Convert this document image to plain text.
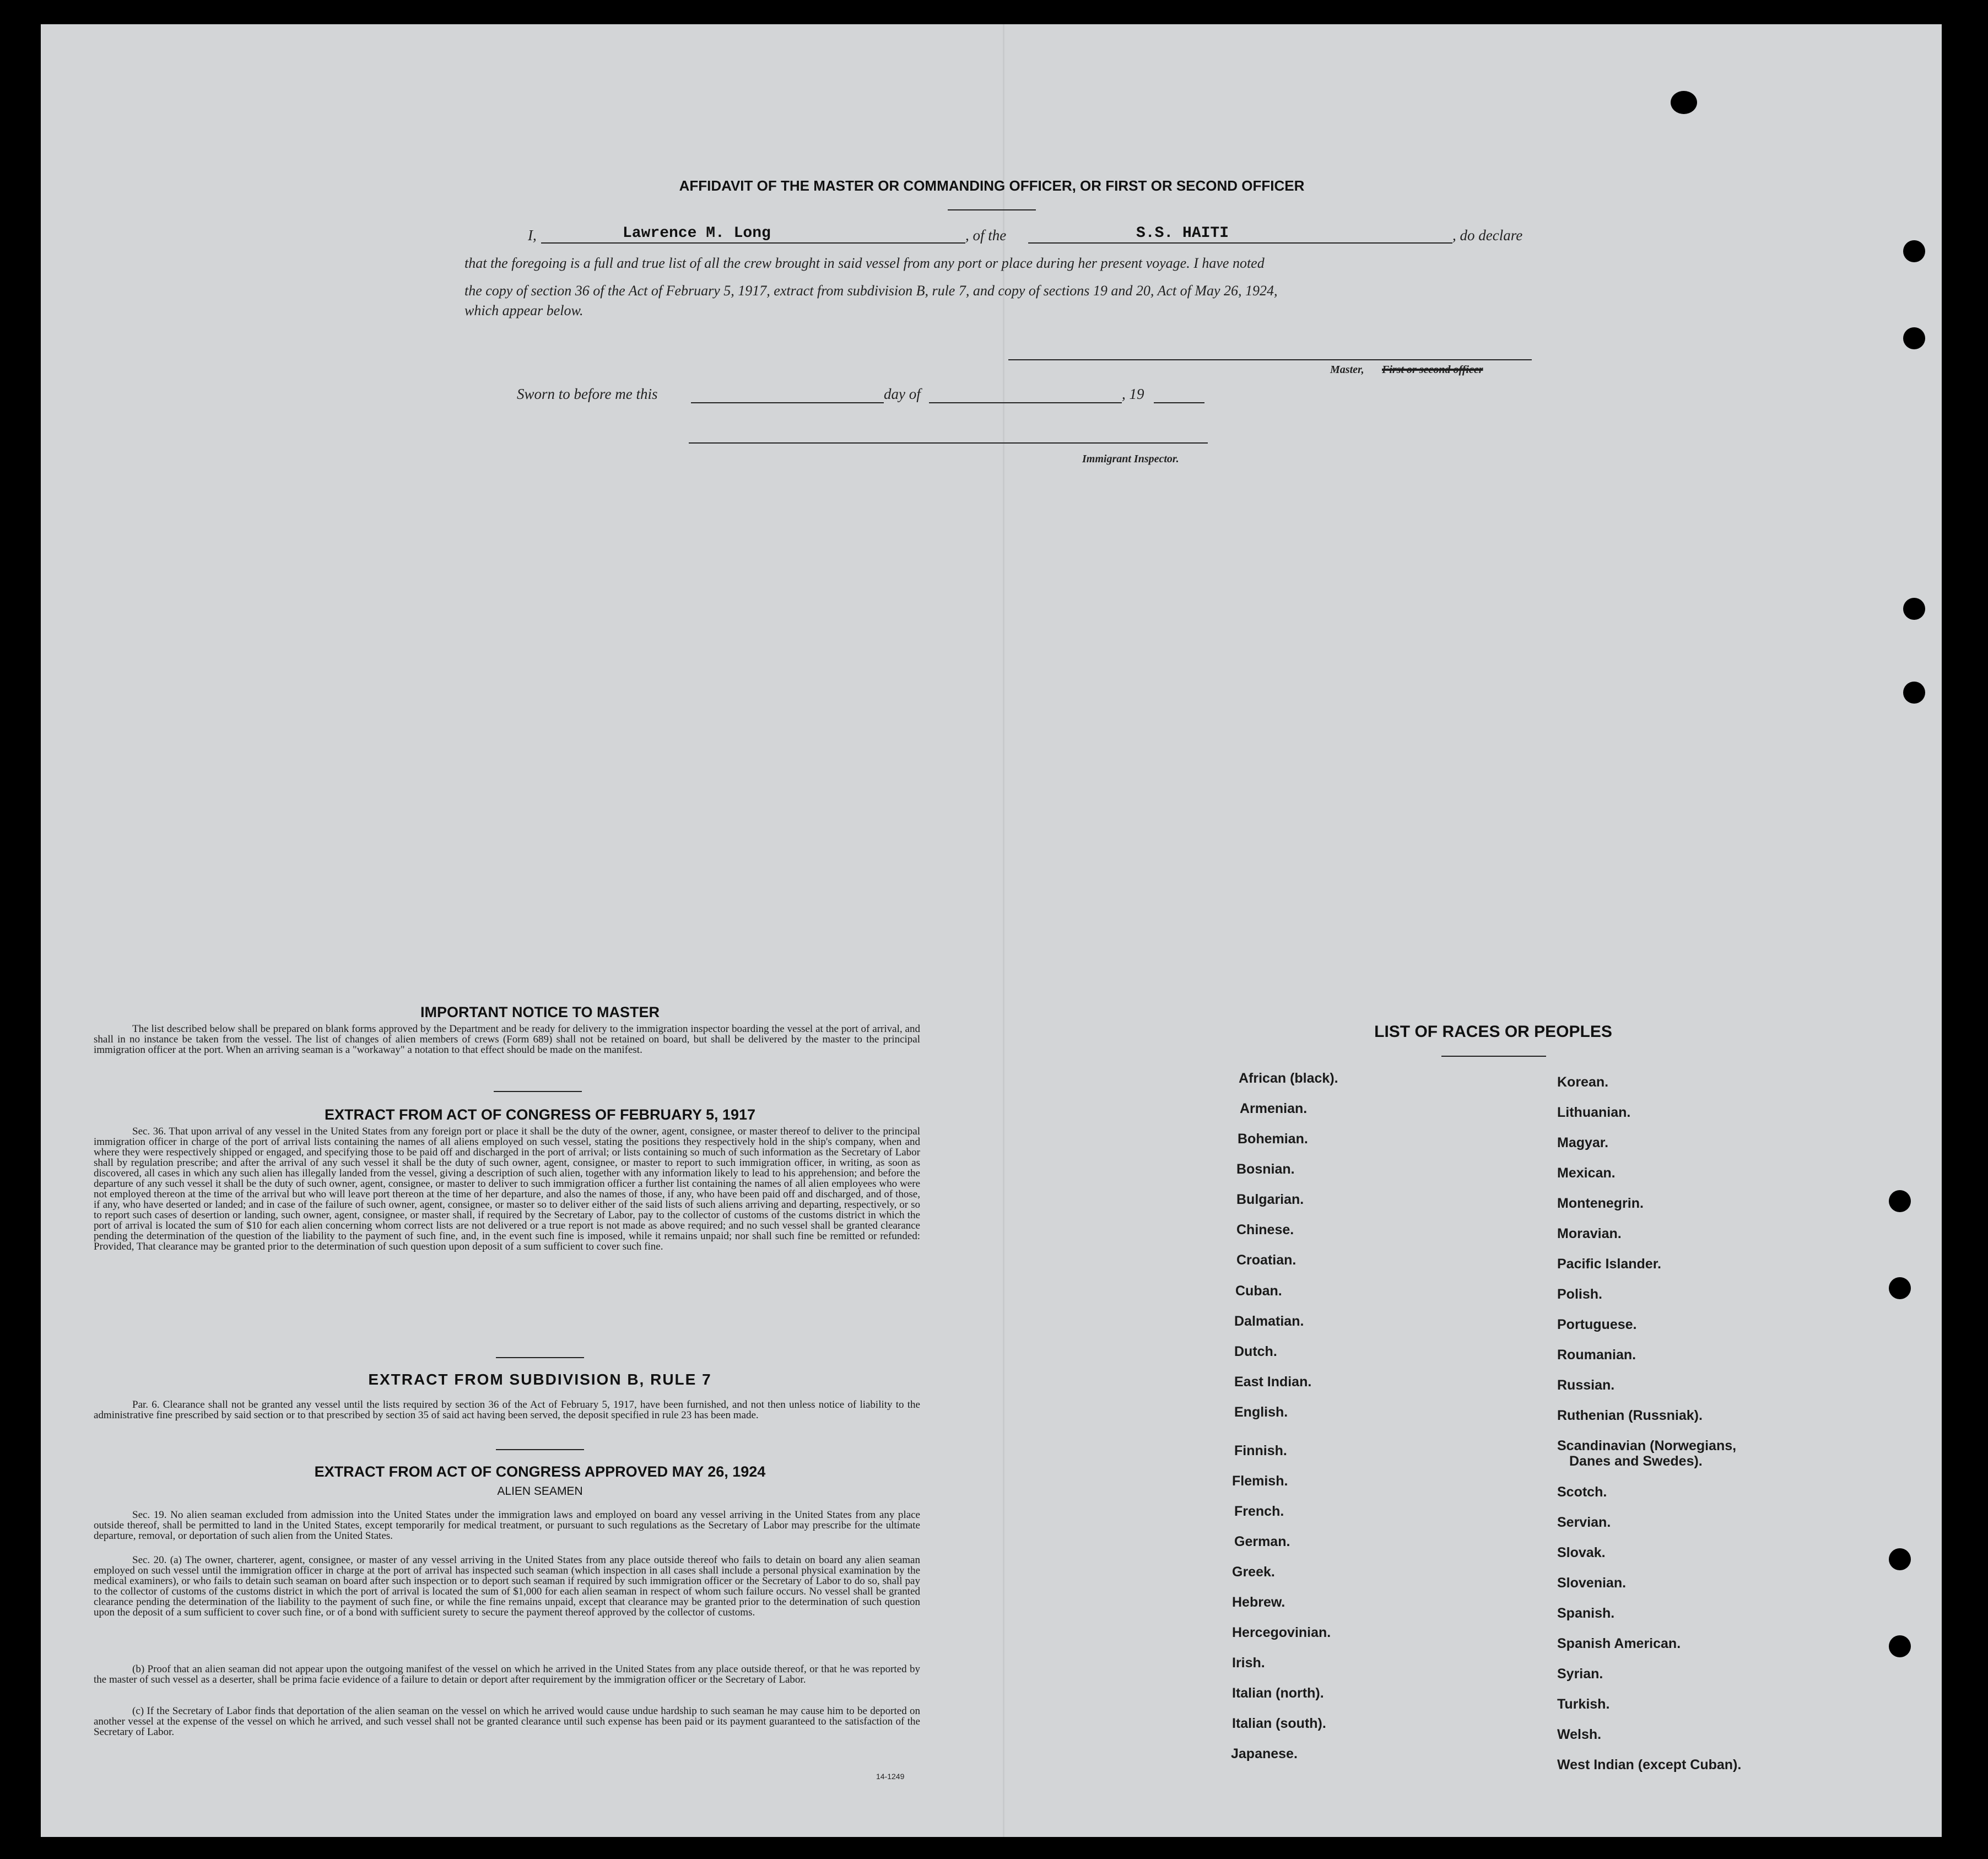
AFFIDAVIT OF THE MASTER OR COMMANDING OFFICER, OR FIRST OR SECOND OFFICER
I,	Lawrence M. Long	, of the	S.S. HAITI	, do declare
that the foregoing is a full and true list of all the crew brought in said vessel from any port or place during her present voyage. I have noted
the copy of section 36 of the Act of February 5, 1917, extract from subdivision B, rule 7, and copy of sections 19 and 20, Act of May 26, 1924,
which appear below.
Master, First or second officer
Sworn to before me this	day of	, 19
Immigrant Inspector.
IMPORTANT NOTICE TO MASTER
The list described below shall be prepared on blank forms approved by the Department and be ready for delivery to the immigration inspector boarding the vessel at the port of arrival, and shall in no instance be taken from the vessel. The list of changes of alien members of crews (Form 689) shall not be retained on board, but shall be delivered by the master to the principal immigration officer at the port. When an arriving seaman is a "workaway" a notation to that effect should be made on the manifest.
EXTRACT FROM ACT OF CONGRESS OF FEBRUARY 5, 1917
Sec. 36. That upon arrival of any vessel in the United States from any foreign port or place it shall be the duty of the owner, agent, consignee, or master thereof to deliver to the principal immigration officer in charge of the port of arrival lists containing the names of all aliens employed on such vessel, stating the positions they respectively hold in the ship's company, when and where they were respectively shipped or engaged, and specifying those to be paid off and discharged in the port of arrival; or lists containing so much of such information as the Secretary of Labor shall by regulation prescribe; and after the arrival of any such vessel it shall be the duty of such owner, agent, consignee, or master to report to such immigration officer, in writing, as soon as discovered, all cases in which any such alien has illegally landed from the vessel, giving a description of such alien, together with any information likely to lead to his apprehension; and before the departure of any such vessel it shall be the duty of such owner, agent, consignee, or master to deliver to such immigration officer a further list containing the names of all alien employees who were not employed thereon at the time of the arrival but who will leave port thereon at the time of her departure, and also the names of those, if any, who have been paid off and discharged, and of those, if any, who have deserted or landed; and in case of the failure of such owner, agent, consignee, or master so to deliver either of the said lists of such aliens arriving and departing, respectively, or so to report such cases of desertion or landing, such owner, agent, consignee, or master shall, if required by the Secretary of Labor, pay to the collector of customs of the customs district in which the port of arrival is located the sum of $10 for each alien concerning whom correct lists are not delivered or a true report is not made as above required; and no such vessel shall be granted clearance pending the determination of the question of the liability to the payment of such fine, and, in the event such fine is imposed, while it remains unpaid; nor shall such fine be remitted or refunded: Provided, That clearance may be granted prior to the determination of such question upon deposit of a sum sufficient to cover such fine.
EXTRACT FROM SUBDIVISION B, RULE 7
Par. 6. Clearance shall not be granted any vessel until the lists required by section 36 of the Act of February 5, 1917, have been furnished, and not then unless notice of liability to the administrative fine prescribed by said section or to that prescribed by section 35 of said act having been served, the deposit specified in rule 23 has been made.
EXTRACT FROM ACT OF CONGRESS APPROVED MAY 26, 1924
ALIEN SEAMEN
Sec. 19. No alien seaman excluded from admission into the United States under the immigration laws and employed on board any vessel arriving in the United States from any place outside thereof, shall be permitted to land in the United States, except temporarily for medical treatment, or pursuant to such regulations as the Secretary of Labor may prescribe for the ultimate departure, removal, or deportation of such alien from the United States.
Sec. 20. (a) The owner, charterer, agent, consignee, or master of any vessel arriving in the United States from any place outside thereof who fails to detain on board any alien seaman employed on such vessel until the immigration officer in charge at the port of arrival has inspected such seaman (which inspection in all cases shall include a personal physical examination by the medical examiners), or who fails to detain such seaman on board after such inspection or to deport such seaman if required by such immigration officer or the Secretary of Labor to do so, shall pay to the collector of customs of the customs district in which the port of arrival is located the sum of $1,000 for each alien seaman in respect of whom such failure occurs. No vessel shall be granted clearance pending the determination of the liability to the payment of such fine, or while the fine remains unpaid, except that clearance may be granted prior to the determination of such question upon the deposit of a sum sufficient to cover such fine, or of a bond with sufficient surety to secure the payment thereof approved by the collector of customs.
(b) Proof that an alien seaman did not appear upon the outgoing manifest of the vessel on which he arrived in the United States from any place outside thereof, or that he was reported by the master of such vessel as a deserter, shall be prima facie evidence of a failure to detain or deport after requirement by the immigration officer or the Secretary of Labor.
(c) If the Secretary of Labor finds that deportation of the alien seaman on the vessel on which he arrived would cause undue hardship to such seaman he may cause him to be deported on another vessel at the expense of the vessel on which he arrived, and such vessel shall not be granted clearance until such expense has been paid or its payment guaranteed to the satisfaction of the Secretary of Labor.
14-1249
LIST OF RACES OR PEOPLES
African (black).
Armenian.
Bohemian.
Bosnian.
Bulgarian.
Chinese.
Croatian.
Cuban.
Dalmatian.
Dutch.
East Indian.
English.
Finnish.
Flemish.
French.
German.
Greek.
Hebrew.
Hercegovinian.
Irish.
Italian (north).
Italian (south).
Japanese.
Korean.
Lithuanian.
Magyar.
Mexican.
Montenegrin.
Moravian.
Pacific Islander.
Polish.
Portuguese.
Roumanian.
Russian.
Ruthenian (Russniak).
Scandinavian (Norwegians,
Danes and Swedes).
Scotch.
Servian.
Slovak.
Slovenian.
Spanish.
Spanish American.
Syrian.
Turkish.
Welsh.
West Indian (except Cuban).
